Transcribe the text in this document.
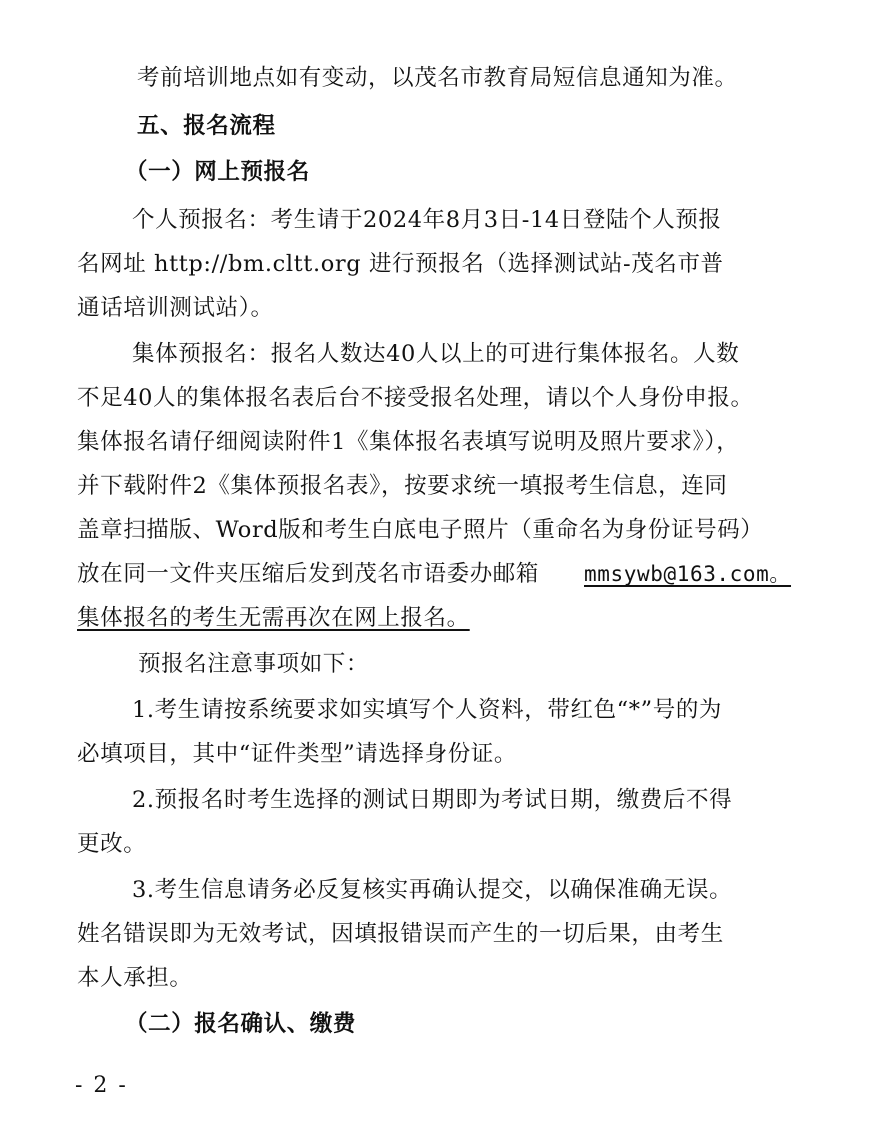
考前培训地点如有变动，以茂名市教育局短信息通知为准。
五、报名流程
（一）网上预报名
个人预报名：考生请于2024年8月3日-14日登陆个人预报
名网址 http://bm.cltt.org 进行预报名（选择测试站-茂名市普
通话培训测试站）。
集体预报名：报名人数达40人以上的可进行集体报名。人数
不足40人的集体报名表后台不接受报名处理，请以个人身份申报。
集体报名请仔细阅读附件1《集体报名表填写说明及照片要求》），
并下载附件2《集体预报名表》，按要求统一填报考生信息，连同
盖章扫描版、Word版和考生白底电子照片（重命名为身份证号码）
放在同一文件夹压缩后发到茂名市语委办邮箱 mmsywb@163.com。
集体报名的考生无需再次在网上报名。
预报名注意事项如下：
1.考生请按系统要求如实填写个人资料，带红色“*”号的为
必填项目，其中“证件类型”请选择身份证。
2.预报名时考生选择的测试日期即为考试日期，缴费后不得
更改。
3.考生信息请务必反复核实再确认提交，以确保准确无误。
姓名错误即为无效考试，因填报错误而产生的一切后果，由考生
本人承担。
（二）报名确认、缴费
- 2 -
